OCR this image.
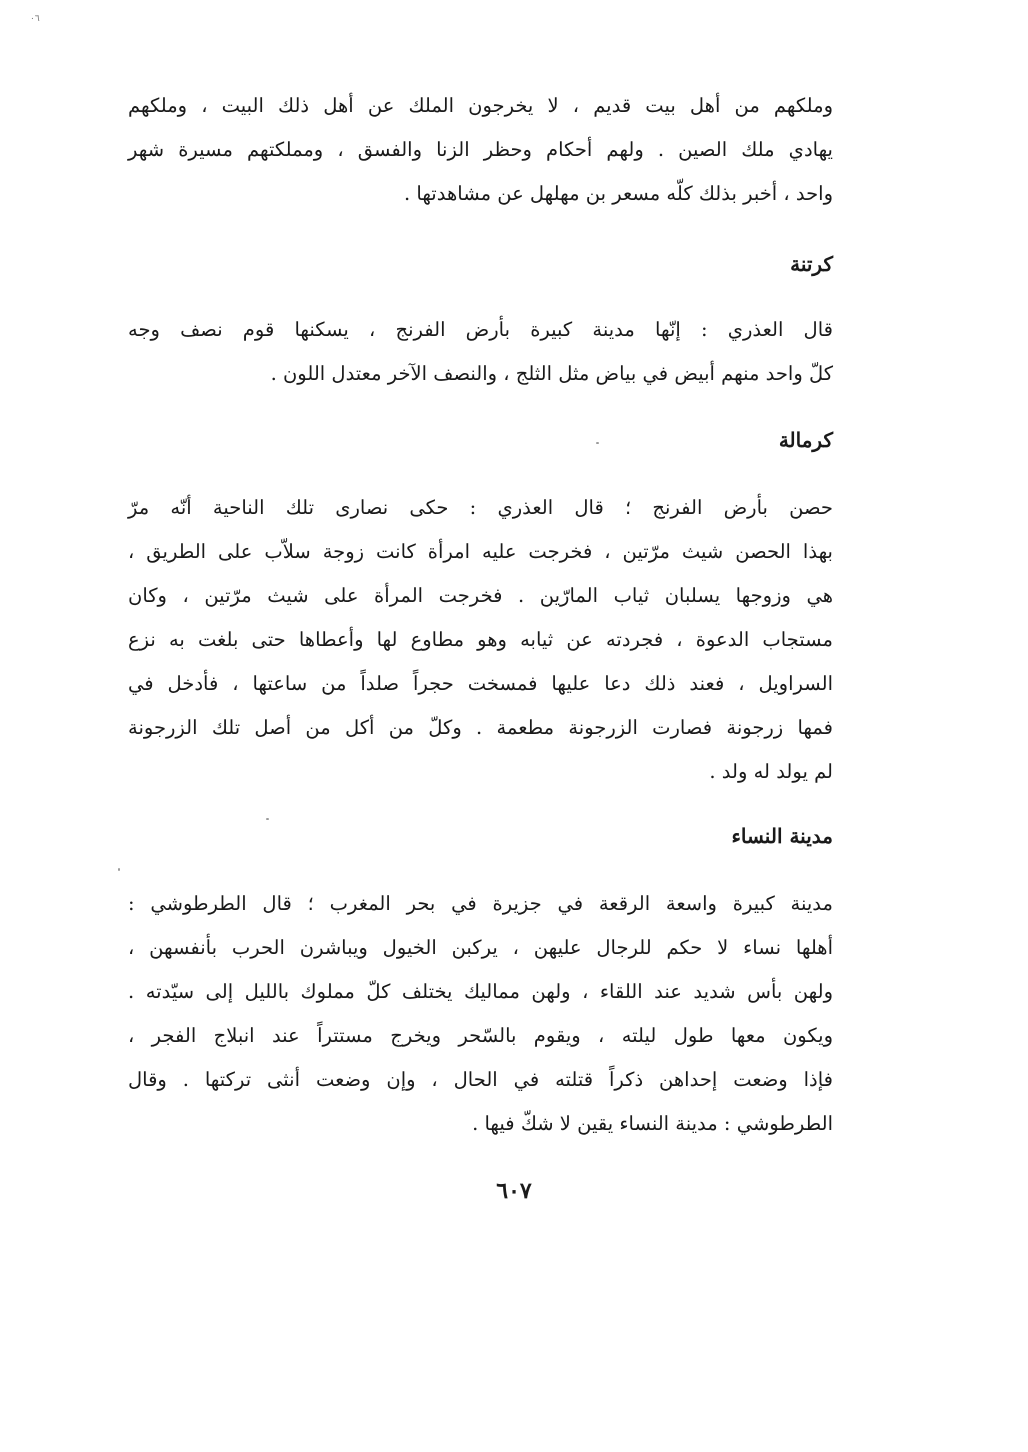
۰٦

وملكهم من أهل بيت قديم ، لا يخرجون الملك عن أهل ذلك البيت ، وملكهم
يهادي ملك الصين . ولهم أحكام وحظر الزنا والفسق ، ومملكتهم مسيرة شهر
واحد ، أخبر بذلك كلّه مسعر بن مهلهل عن مشاهدتها .

كرتنة

قال العذري : إنّها مدينة كبيرة بأرض الفرنج ، يسكنها قوم نصف وجه
كلّ واحد منهم أبيض في بياض مثل الثلج ، والنصف الآخر معتدل اللون .

كرمالة

حصن بأرض الفرنج ؛ قال العذري : حكى نصارى تلك الناحية أنّه مرّ
بهذا الحصن شيث مرّتين ، فخرجت عليه امرأة كانت زوجة سلاّب على الطريق ،
هي وزوجها يسلبان ثياب المارّين . فخرجت المرأة على شيث مرّتين ، وكان
مستجاب الدعوة ، فجردته عن ثيابه وهو مطاوع لها وأعطاها حتى بلغت به نزع
السراويل ، فعند ذلك دعا عليها فمسخت حجراً صلداً من ساعتها ، فأدخل في
فمها زرجونة فصارت الزرجونة مطعمة . وكلّ من أكل من أصل تلك الزرجونة
لم يولد له ولد .

مدينة النساء

مدينة كبيرة واسعة الرقعة في جزيرة في بحر المغرب ؛ قال الطرطوشي :
أهلها نساء لا حكم للرجال عليهن ، يركبن الخيول ويباشرن الحرب بأنفسهن ،
ولهن بأس شديد عند اللقاء ، ولهن مماليك يختلف كلّ مملوك بالليل إلى سيّدته .
ويكون معها طول ليلته ، ويقوم بالسّحر ويخرج مستتراً عند انبلاج الفجر ،
فإذا وضعت إحداهن ذكراً قتلته في الحال ، وإن وضعت أنثى تركتها . وقال
الطرطوشي : مدينة النساء يقين لا شكّ فيها .

٦٠٧
